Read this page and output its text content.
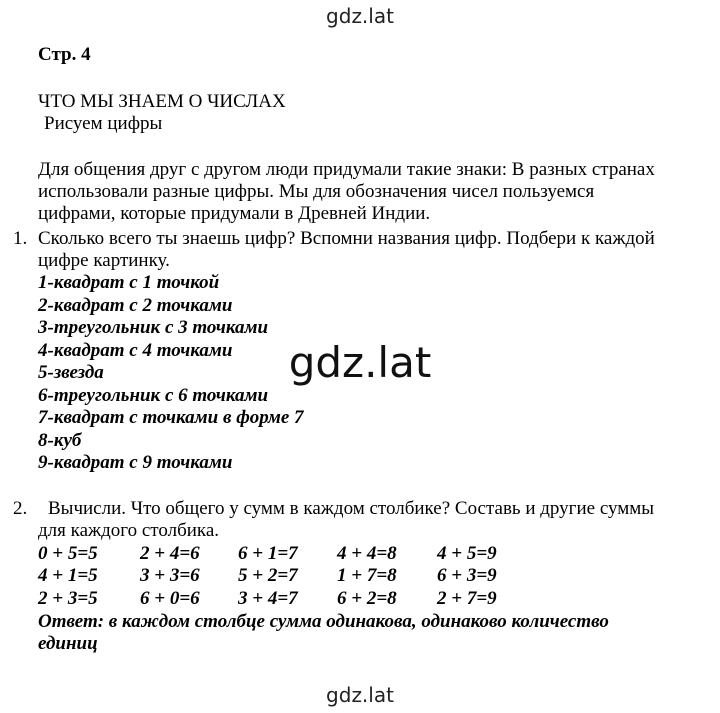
gdz.lat
Стр. 4
ЧТО МЫ ЗНАЕМ О ЧИСЛАХ
Рисуем цифры
Для общения друг с другом люди придумали такие знаки: В разных странах
использовали разные цифры. Мы для обозначения чисел пользуемся
цифрами, которые придумали в Древней Индии.
1. Сколько всего ты знаешь цифр? Вспомни названия цифр. Подбери к каждой
цифре картинку.
1-квадрат с 1 точкой
2-квадрат с 2 точками
3-треугольник с 3 точками
4-квадрат с 4 точками
5-звезда
6-треугольник с 6 точками
7-квадрат с точками в форме 7
8-куб
9-квадрат с 9 точками
2. Вычисли. Что общего у сумм в каждом столбике? Составь и другие суммы
для каждого столбика.
0 + 5=5 2 + 4=6 6 + 1=7 4 + 4=8 4 + 5=9
4 + 1=5 3 + 3=6 5 + 2=7 1 + 7=8 6 + 3=9
2 + 3=5 6 + 0=6 3 + 4=7 6 + 2=8 2 + 7=9
Ответ: в каждом столбце сумма одинакова, одинаково количество
единиц
gdz.lat
gdz.lat
